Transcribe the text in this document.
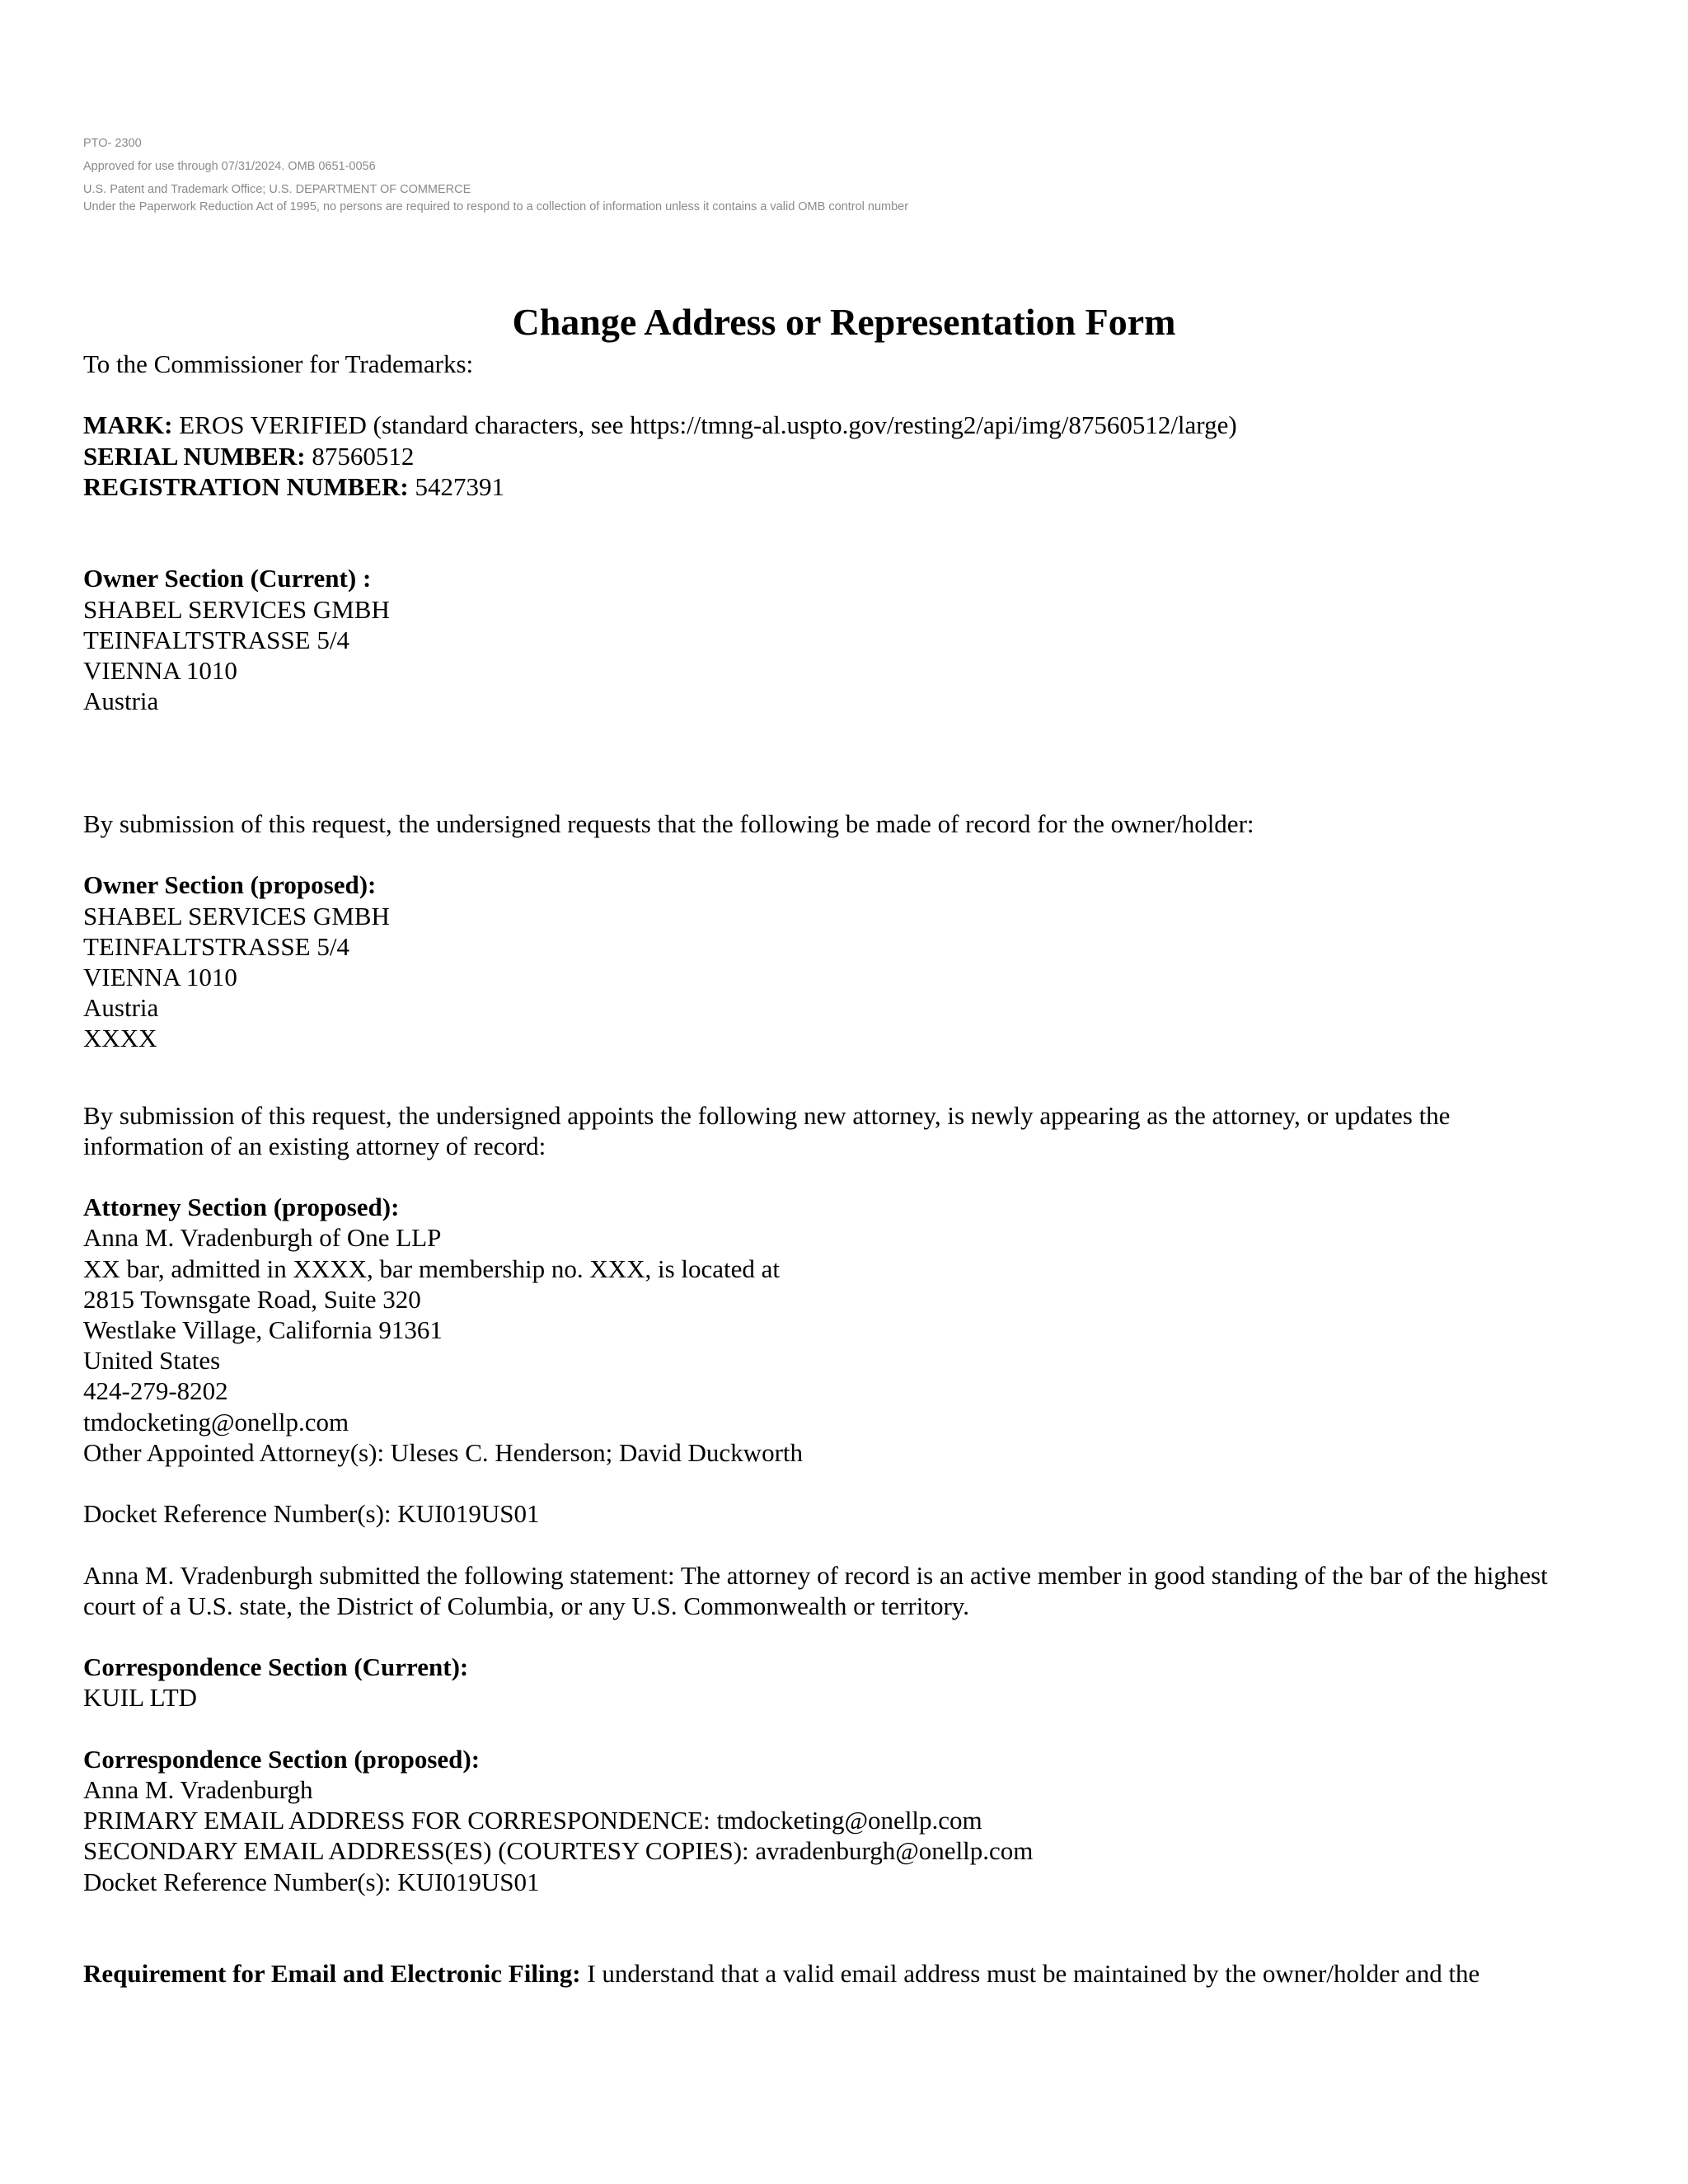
PTO- 2300
Approved for use through 07/31/2024. OMB 0651-0056
U.S. Patent and Trademark Office; U.S. DEPARTMENT OF COMMERCE
Under the Paperwork Reduction Act of 1995, no persons are required to respond to a collection of information unless it contains a valid OMB control number
Change Address or Representation Form
To the Commissioner for Trademarks:
MARK: EROS VERIFIED (standard characters, see https://tmng-al.uspto.gov/resting2/api/img/87560512/large)
SERIAL NUMBER: 87560512
REGISTRATION NUMBER: 5427391
Owner Section (Current) :
SHABEL SERVICES GMBH
TEINFALTSTRASSE 5/4
VIENNA 1010
Austria
By submission of this request, the undersigned requests that the following be made of record for the owner/holder:
Owner Section (proposed):
SHABEL SERVICES GMBH
TEINFALTSTRASSE 5/4
VIENNA 1010
Austria
XXXX
By submission of this request, the undersigned appoints the following new attorney, is newly appearing as the attorney, or updates the
information of an existing attorney of record:
Attorney Section (proposed):
Anna M. Vradenburgh of One LLP
XX bar, admitted in XXXX, bar membership no. XXX, is located at
2815 Townsgate Road, Suite 320
Westlake Village, California 91361
United States
424-279-8202
tmdocketing@onellp.com
Other Appointed Attorney(s): Uleses C. Henderson; David Duckworth
Docket Reference Number(s): KUI019US01
Anna M. Vradenburgh submitted the following statement: The attorney of record is an active member in good standing of the bar of the highest
court of a U.S. state, the District of Columbia, or any U.S. Commonwealth or territory.
Correspondence Section (Current):
KUIL LTD
Correspondence Section (proposed):
Anna M. Vradenburgh
PRIMARY EMAIL ADDRESS FOR CORRESPONDENCE: tmdocketing@onellp.com
SECONDARY EMAIL ADDRESS(ES) (COURTESY COPIES): avradenburgh@onellp.com
Docket Reference Number(s): KUI019US01
Requirement for Email and Electronic Filing: I understand that a valid email address must be maintained by the owner/holder and the
